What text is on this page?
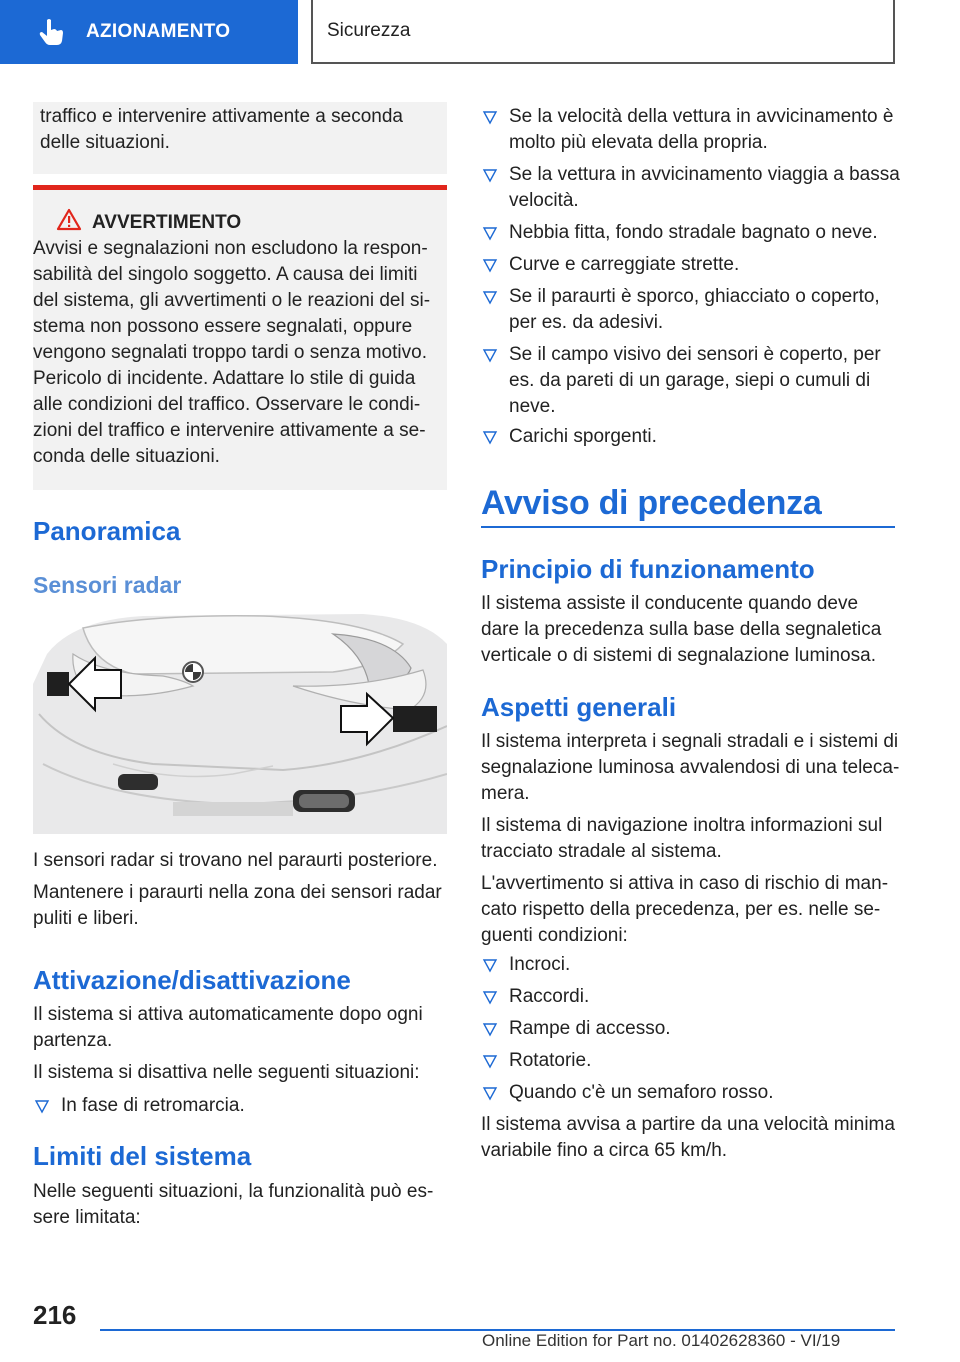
AZIONAMENTO	Sicurezza

traffico e intervenire attivamente a seconda

delle situazioni.

AVVERTIMENTO

Avvisi e segnalazioni non escludono la respon-

sabilità del singolo soggetto. A causa dei limiti

del sistema, gli avvertimenti o le reazioni del si-

stema non possono essere segnalati, oppure

vengono segnalati troppo tardi o senza motivo.

Pericolo di incidente. Adattare lo stile di guida

alle condizioni del traffico. Osservare le condi-

zioni del traffico e intervenire attivamente a se-

conda delle situazioni.

Panoramica
Sensori radar

I sensori radar si trovano nel paraurti posteriore.

Mantenere i paraurti nella zona dei sensori radar

puliti e liberi.

Attivazione/disattivazione

Il sistema si attiva automaticamente dopo ogni

partenza.

Il sistema si disattiva nelle seguenti situazioni:

In fase di retromarcia.
Limiti del sistema

Nelle seguenti situazioni, la funzionalità può es-

sere limitata:

Se la velocità della vettura in avvicinamento è
molto più elevata della propria.
Se la vettura in avvicinamento viaggia a bassa
velocità.
Nebbia fitta, fondo stradale bagnato o neve.
Curve e carreggiate strette.
Se il paraurti è sporco, ghiacciato o coperto,
per es. da adesivi.
Se il campo visivo dei sensori è coperto, per
es. da pareti di un garage, siepi o cumuli di
neve.
Carichi sporgenti.
Avviso di precedenza
Principio di funzionamento

Il sistema assiste il conducente quando deve

dare la precedenza sulla base della segnaletica

verticale o di sistemi di segnalazione luminosa.

Aspetti generali

Il sistema interpreta i segnali stradali e i sistemi di

segnalazione luminosa avvalendosi di una teleca-

mera.

Il sistema di navigazione inoltra informazioni sul

tracciato stradale al sistema.

L'avvertimento si attiva in caso di rischio di man-

cato rispetto della precedenza, per es. nelle se-

guenti condizioni:

Incroci.
Raccordi.
Rampe di accesso.
Rotatorie.
Quando c'è un semaforo rosso.

Il sistema avvisa a partire da una velocità minima

variabile fino a circa 65 km/h.

216
Online Edition for Part no. 01402628360 - VI/19
